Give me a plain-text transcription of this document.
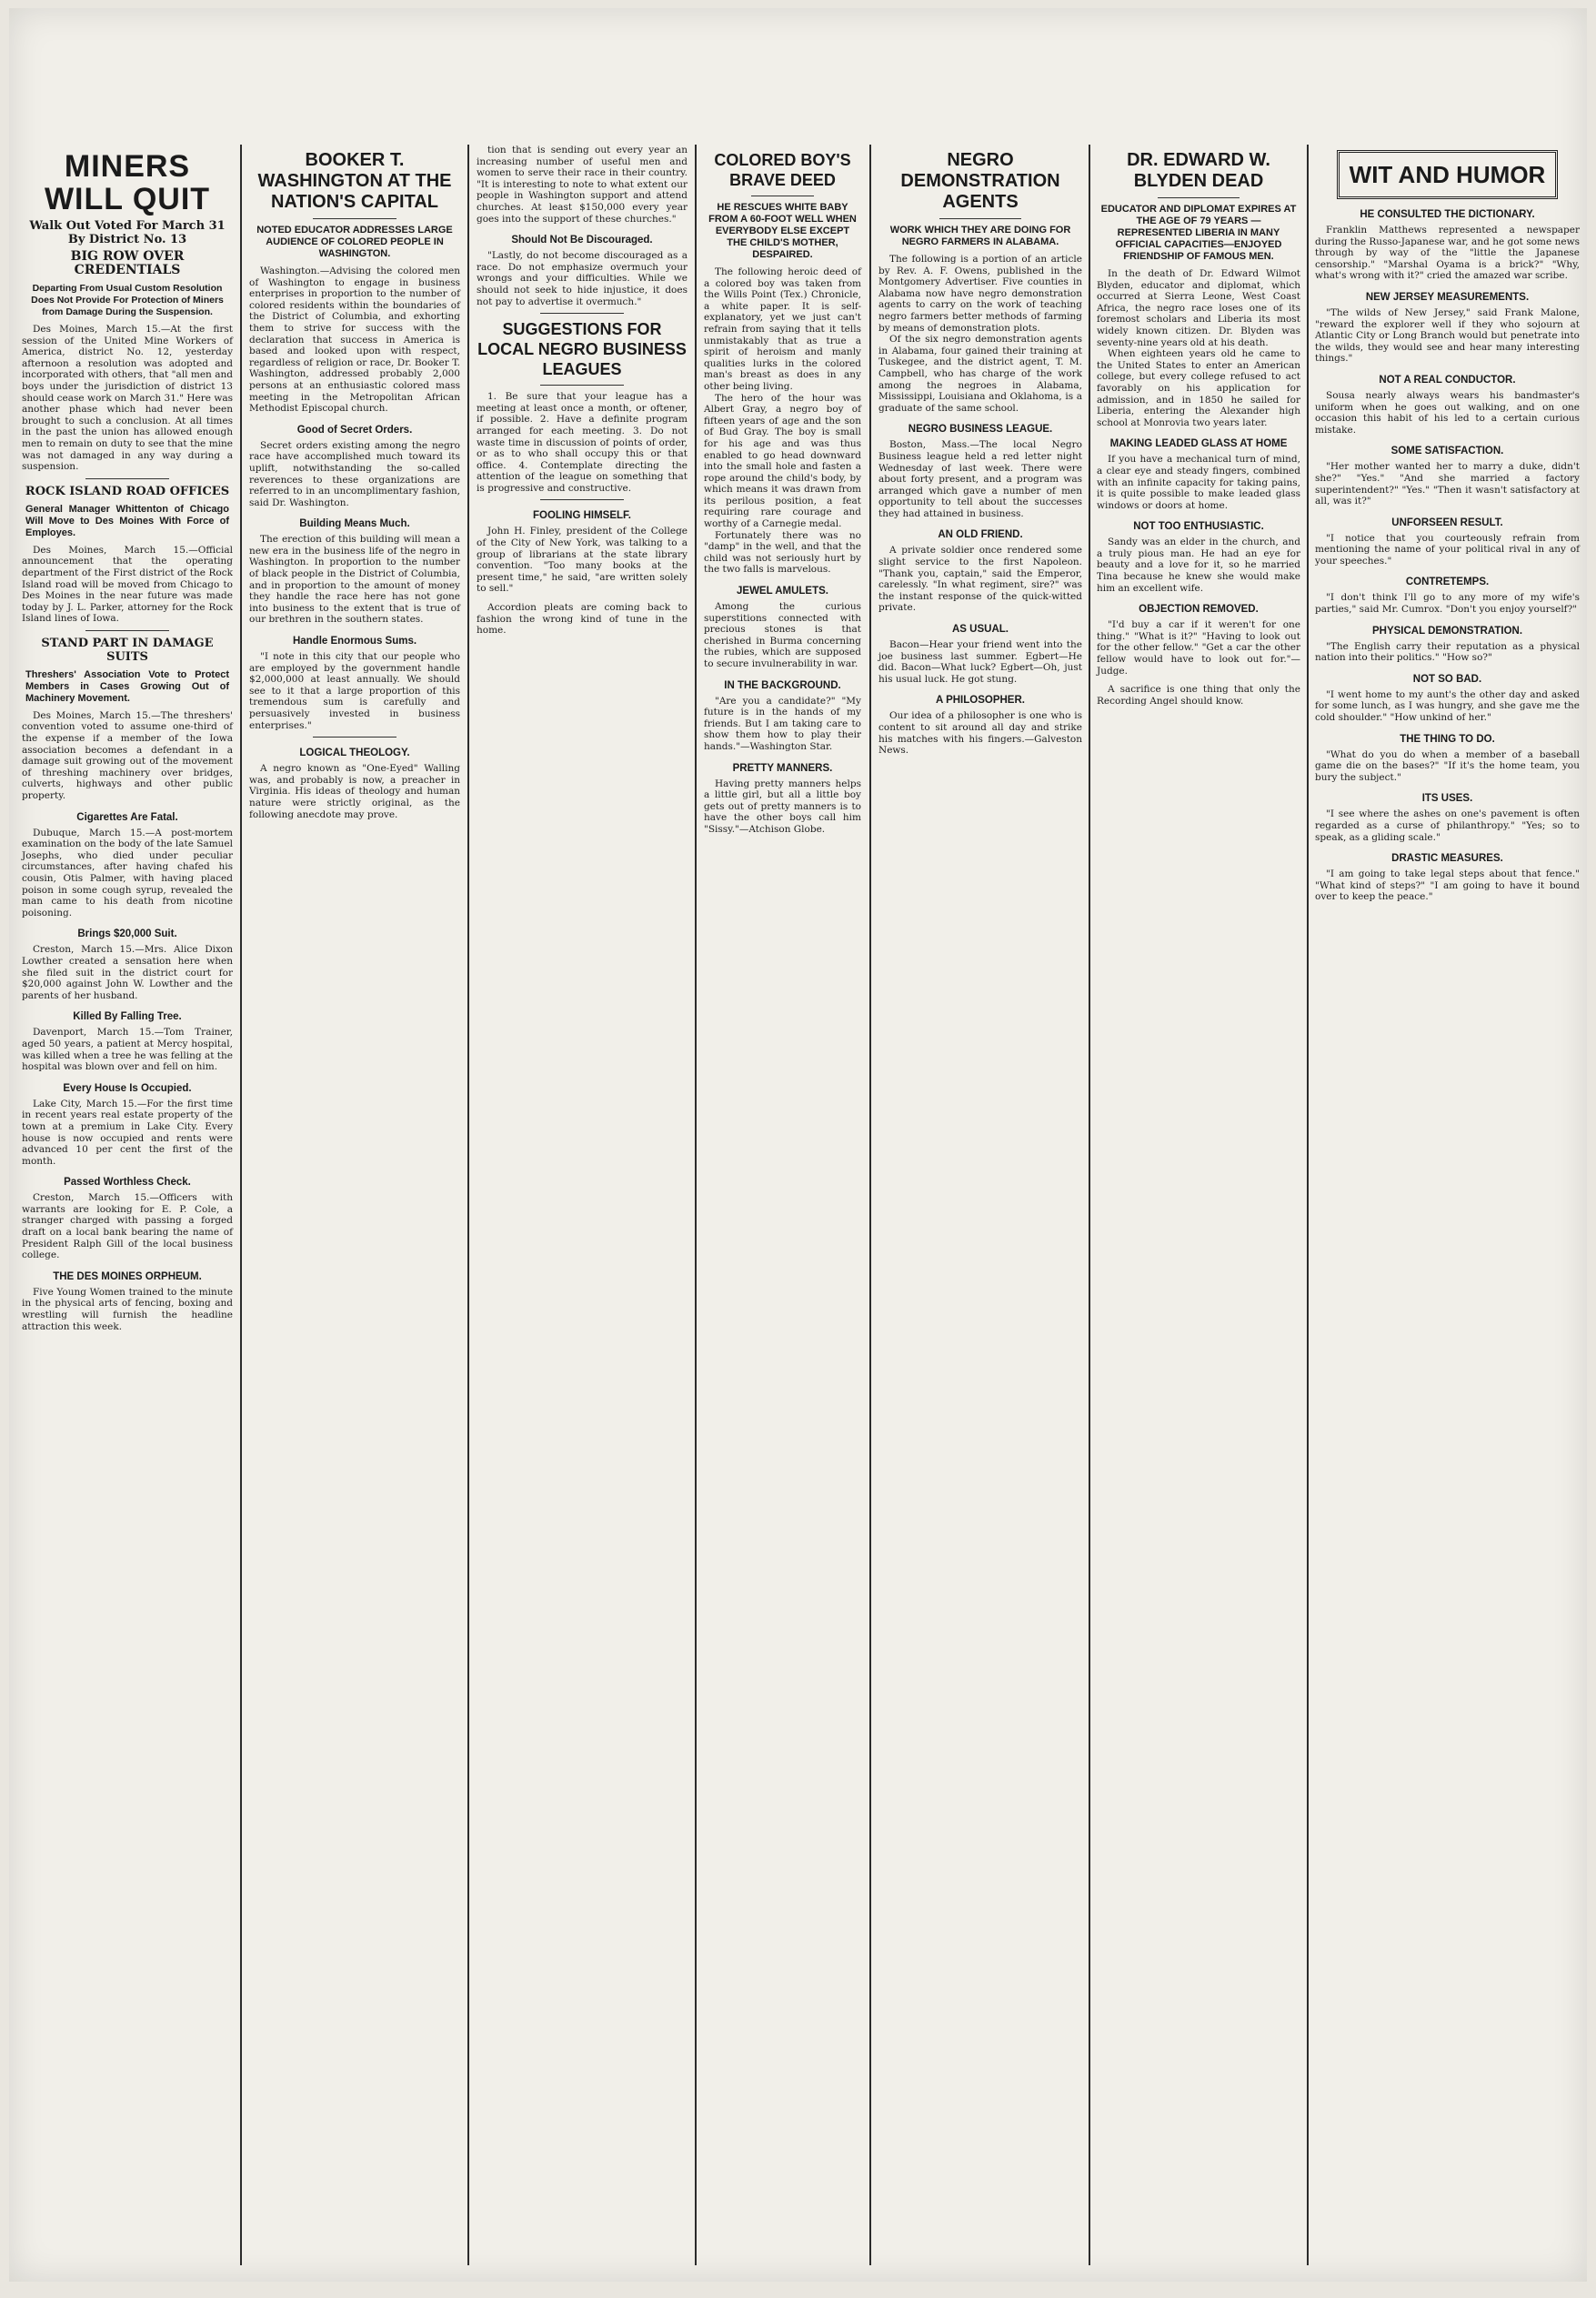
MINERS WILL QUIT
Walk Out Voted For March 31 By District No. 13
BIG ROW OVER CREDENTIALS
Departing From Usual Custom Resolution Does Not Provide For Protection of Miners from Damage During the Suspension.

Des Moines, March 15.—At the first session of the United Mine Workers of America, district No. 12, yesterday afternoon a resolution was adopted and incorporated with others, that "all men and boys under the jurisdiction of district 13 should cease work on March 31." Here was another phase which had never been brought to such a conclusion. At all times in the past the union has allowed enough men to remain on duty to see that the mine was not damaged in any way during a suspension.

ROCK ISLAND ROAD OFFICES
General Manager Whittenton of Chicago Will Move to Des Moines With Force of Employes.

Des Moines, March 15.—Official announcement that the operating department of the First district of the Rock Island road will be moved from Chicago to Des Moines in the near future was made today by J. L. Parker, attorney for the Rock Island lines of Iowa.

STAND PART IN DAMAGE SUITS
Threshers' Association Vote to Protect Members in Cases Growing Out of Machinery Movement.

Des Moines, March 15.—The threshers' convention voted to assume one-third of the expense if a member of the Iowa association becomes a defendant in a damage suit growing out of the movement of threshing machinery over bridges, culverts, highways and other public property.

Cigarettes Are Fatal.

Dubuque, March 15.—A post-mortem examination on the body of the late Samuel Josephs, who died under peculiar circumstances, after having chafed his cousin, Otis Palmer, with having placed poison in some cough syrup, revealed the man came to his death from nicotine poisoning.

Brings $20,000 Suit.

Creston, March 15.—Mrs. Alice Dixon Lowther created a sensation here when she filed suit in the district court for $20,000 against John W. Lowther and the parents of her husband.

Killed By Falling Tree.

Davenport, March 15.—Tom Trainer, aged 50 years, a patient at Mercy hospital, was killed when a tree he was felling at the hospital was blown over and fell on him.

Every House Is Occupied.

Lake City, March 15.—For the first time in recent years real estate property of the town at a premium in Lake City. Every house is now occupied and rents were advanced 10 per cent the first of the month.

Passed Worthless Check.

Creston, March 15.—Officers with warrants are looking for E. P. Cole, a stranger charged with passing a forged draft on a local bank bearing the name of President Ralph Gill of the local business college.

THE DES MOINES ORPHEUM.

Five Young Women trained to the minute in the physical arts of fencing, boxing and wrestling will furnish the headline attraction this week.

BOOKER T. WASHINGTON AT THE NATION'S CAPITAL
NOTED EDUCATOR ADDRESSES LARGE AUDIENCE OF COLORED PEOPLE IN WASHINGTON.

Washington.—Advising the colored men of Washington to engage in business enterprises in proportion to the number of colored residents within the boundaries of the District of Columbia, and exhorting them to strive for success with the declaration that success in America is based and looked upon with respect, regardless of religion or race, Dr. Booker T. Washington, addressed probably 2,000 persons at an enthusiastic colored mass meeting in the Metropolitan African Methodist Episcopal church.

Good of Secret Orders.

Secret orders existing among the negro race have accomplished much toward its uplift, notwithstanding the so-called reverences to these organizations are referred to in an uncomplimentary fashion, said Dr. Washington.

Building Means Much.

The erection of this building will mean a new era in the business life of the negro in Washington. In proportion to the number of black people in the District of Columbia, and in proportion to the amount of money they handle the race here has not gone into business to the extent that is true of our brethren in the southern states.

Handle Enormous Sums.

"I note in this city that our people who are employed by the government handle $2,000,000 at least annually. We should see to it that a large proportion of this tremendous sum is carefully and persuasively invested in business enterprises."

LOGICAL THEOLOGY.

A negro known as "One-Eyed" Walling was, and probably is now, a preacher in Virginia. His ideas of theology and human nature were strictly original, as the following anecdote may prove.

tion that is sending out every year an increasing number of useful men and women to serve their race in their country. "It is interesting to note to what extent our people in Washington support and attend churches. At least $150,000 every year goes into the support of these churches."

Should Not Be Discouraged.

"Lastly, do not become discouraged as a race. Do not emphasize overmuch your wrongs and your difficulties. While we should not seek to hide injustice, it does not pay to advertise it overmuch."

SUGGESTIONS FOR LOCAL NEGRO BUSINESS LEAGUES

1. Be sure that your league has a meeting at least once a month, or oftener, if possible. 2. Have a definite program arranged for each meeting. 3. Do not waste time in discussion of points of order, or as to who shall occupy this or that office. 4. Contemplate directing the attention of the league on something that is progressive and constructive.

FOOLING HIMSELF.

John H. Finley, president of the College of the City of New York, was talking to a group of librarians at the state library convention. "Too many books at the present time," he said, "are written solely to sell."

Accordion pleats are coming back to fashion the wrong kind of tune in the home.

COLORED BOY'S BRAVE DEED
HE RESCUES WHITE BABY FROM A 60-FOOT WELL WHEN EVERYBODY ELSE EXCEPT THE CHILD'S MOTHER, DESPAIRED.

The following heroic deed of a colored boy was taken from the Wills Point (Tex.) Chronicle, a white paper. It is self-explanatory, yet we just can't refrain from saying that it tells unmistakably that as true a spirit of heroism and manly qualities lurks in the colored man's breast as does in any other being living.

The hero of the hour was Albert Gray, a negro boy of fifteen years of age and the son of Bud Gray. The boy is small for his age and was thus enabled to go head downward into the small hole and fasten a rope around the child's body, by which means it was drawn from its perilous position, a feat requiring rare courage and worthy of a Carnegie medal.

Fortunately there was no "damp" in the well, and that the child was not seriously hurt by the two falls is marvelous.

JEWEL AMULETS.

Among the curious superstitions connected with precious stones is that cherished in Burma concerning the rubies, which are supposed to secure invulnerability in war.

IN THE BACKGROUND.

"Are you a candidate?" "My future is in the hands of my friends. But I am taking care to show them how to play their hands."—Washington Star.

PRETTY MANNERS.

Having pretty manners helps a little girl, but all a little boy gets out of pretty manners is to have the other boys call him "Sissy."—Atchison Globe.

NEGRO DEMONSTRATION AGENTS
WORK WHICH THEY ARE DOING FOR NEGRO FARMERS IN ALABAMA.

The following is a portion of an article by Rev. A. F. Owens, published in the Montgomery Advertiser. Five counties in Alabama now have negro demonstration agents to carry on the work of teaching negro farmers better methods of farming by means of demonstration plots.

Of the six negro demonstration agents in Alabama, four gained their training at Tuskegee, and the district agent, T. M. Campbell, who has charge of the work among the negroes in Alabama, Mississippi, Louisiana and Oklahoma, is a graduate of the same school.

NEGRO BUSINESS LEAGUE.

Boston, Mass.—The local Negro Business league held a red letter night Wednesday of last week. There were about forty present, and a program was arranged which gave a number of men opportunity to tell about the successes they had attained in business.

AN OLD FRIEND.

A private soldier once rendered some slight service to the first Napoleon. "Thank you, captain," said the Emperor, carelessly. "In what regiment, sire?" was the instant response of the quick-witted private.

AS USUAL.

Bacon—Hear your friend went into the joe business last summer. Egbert—He did. Bacon—What luck? Egbert—Oh, just his usual luck. He got stung.

A PHILOSOPHER.

Our idea of a philosopher is one who is content to sit around all day and strike his matches with his fingers.—Galveston News.

DR. EDWARD W. BLYDEN DEAD
EDUCATOR AND DIPLOMAT EXPIRES AT THE AGE OF 79 YEARS —REPRESENTED LIBERIA IN MANY OFFICIAL CAPACITIES—ENJOYED FRIENDSHIP OF FAMOUS MEN.

In the death of Dr. Edward Wilmot Blyden, educator and diplomat, which occurred at Sierra Leone, West Coast Africa, the negro race loses one of its foremost scholars and Liberia its most widely known citizen. Dr. Blyden was seventy-nine years old at his death.

When eighteen years old he came to the United States to enter an American college, but every college refused to act favorably on his application for admission, and in 1850 he sailed for Liberia, entering the Alexander high school at Monrovia two years later.

MAKING LEADED GLASS AT HOME

If you have a mechanical turn of mind, a clear eye and steady fingers, combined with an infinite capacity for taking pains, it is quite possible to make leaded glass windows or doors at home.

NOT TOO ENTHUSIASTIC.

Sandy was an elder in the church, and a truly pious man. He had an eye for beauty and a love for it, so he married Tina because he knew she would make him an excellent wife.

OBJECTION REMOVED.

"I'd buy a car if it weren't for one thing." "What is it?" "Having to look out for the other fellow." "Get a car the other fellow would have to look out for."—Judge.

A sacrifice is one thing that only the Recording Angel should know.

WIT AND HUMOR
HE CONSULTED THE DICTIONARY.

Franklin Matthews represented a newspaper during the Russo-Japanese war, and he got some news through by way of the "little the Japanese censorship." "Marshal Oyama is a brick?" "Why, what's wrong with it?" cried the amazed war scribe.

NEW JERSEY MEASUREMENTS.

"The wilds of New Jersey," said Frank Malone, "reward the explorer well if they who sojourn at Atlantic City or Long Branch would but penetrate into the wilds, they would see and hear many interesting things."

NOT A REAL CONDUCTOR.

Sousa nearly always wears his bandmaster's uniform when he goes out walking, and on one occasion this habit of his led to a certain curious mistake.

SOME SATISFACTION.

"Her mother wanted her to marry a duke, didn't she?" "Yes." "And she married a factory superintendent?" "Yes." "Then it wasn't satisfactory at all, was it?"

UNFORSEEN RESULT.

"I notice that you courteously refrain from mentioning the name of your political rival in any of your speeches."

CONTRETEMPS.

"I don't think I'll go to any more of my wife's parties," said Mr. Cumrox. "Don't you enjoy yourself?"

PHYSICAL DEMONSTRATION.

"The English carry their reputation as a physical nation into their politics." "How so?"

NOT SO BAD.

"I went home to my aunt's the other day and asked for some lunch, as I was hungry, and she gave me the cold shoulder." "How unkind of her."

THE THING TO DO.

"What do you do when a member of a baseball game die on the bases?" "If it's the home team, you bury the subject."

ITS USES.

"I see where the ashes on one's pavement is often regarded as a curse of philanthropy." "Yes; so to speak, as a gliding scale."

DRASTIC MEASURES.

"I am going to take legal steps about that fence." "What kind of steps?" "I am going to have it bound over to keep the peace."
